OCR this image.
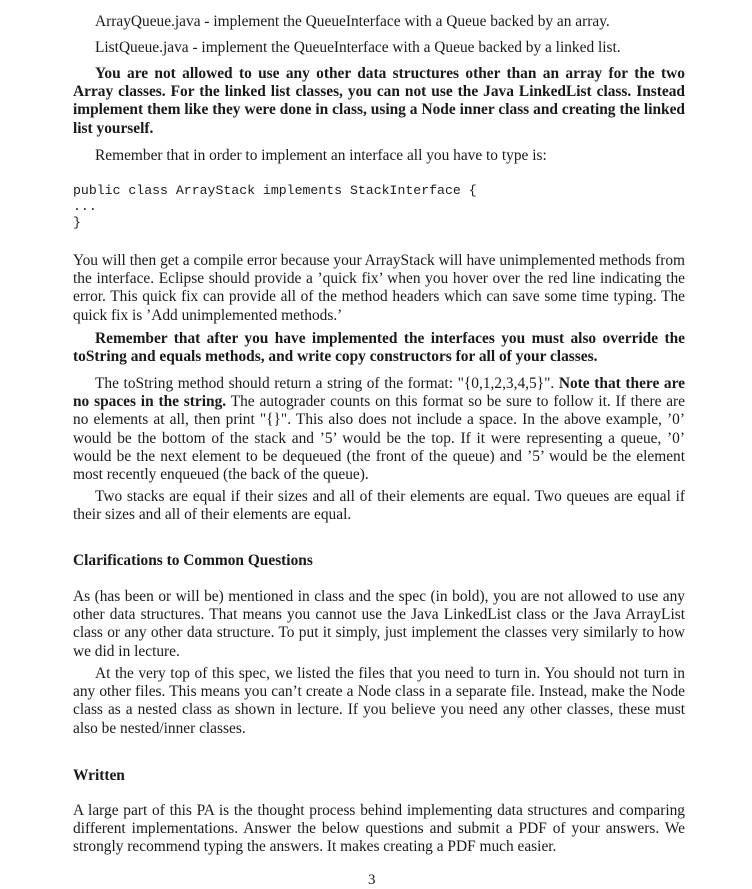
ArrayQueue.java - implement the QueueInterface with a Queue backed by an array.

ListQueue.java - implement the QueueInterface with a Queue backed by a linked list.

You are not allowed to use any other data structures other than an array for the two Array classes. For the linked list classes, you can not use the Java LinkedList class. Instead implement them like they were done in class, using a Node inner class and creating the linked list yourself.

Remember that in order to implement an interface all you have to type is:

public class ArrayStack implements StackInterface {
...
}

You will then get a compile error because your ArrayStack will have unimplemented methods from the interface. Eclipse should provide a ’quick fix’ when you hover over the red line indicating the error. This quick fix can provide all of the method headers which can save some time typing. The quick fix is ’Add unimplemented methods.’

Remember that after you have implemented the interfaces you must also override the toString and equals methods, and write copy constructors for all of your classes.

The toString method should return a string of the format: "{0,1,2,3,4,5}". Note that there are no spaces in the string. The autograder counts on this format so be sure to follow it. If there are no elements at all, then print "{}". This also does not include a space. In the above example, ’0’ would be the bottom of the stack and ’5’ would be the top. If it were representing a queue, ’0’ would be the next element to be dequeued (the front of the queue) and ’5’ would be the element most recently enqueued (the back of the queue).

Two stacks are equal if their sizes and all of their elements are equal. Two queues are equal if their sizes and all of their elements are equal.

Clarifications to Common Questions

As (has been or will be) mentioned in class and the spec (in bold), you are not allowed to use any other data structures. That means you cannot use the Java LinkedList class or the Java ArrayList class or any other data structure. To put it simply, just implement the classes very similarly to how we did in lecture.

At the very top of this spec, we listed the files that you need to turn in. You should not turn in any other files. This means you can’t create a Node class in a separate file. Instead, make the Node class as a nested class as shown in lecture. If you believe you need any other classes, these must also be nested/inner classes.

Written

A large part of this PA is the thought process behind implementing data structures and comparing different implementations. Answer the below questions and submit a PDF of your answers. We strongly recommend typing the answers. It makes creating a PDF much easier.

3
